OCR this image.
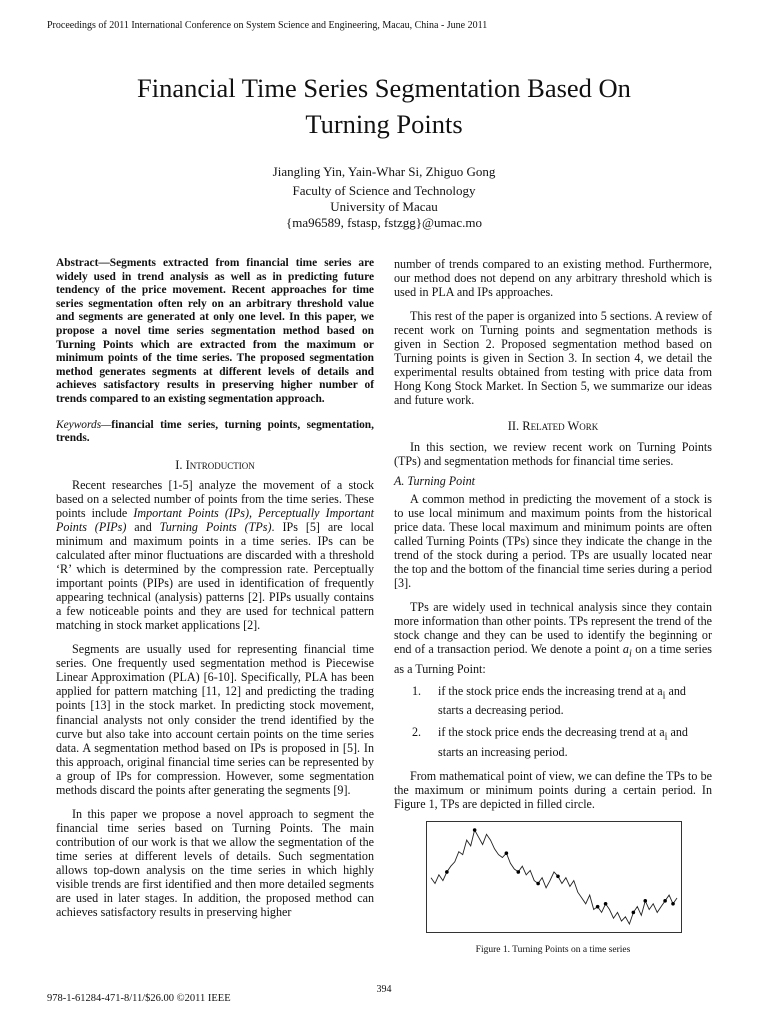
Proceedings of 2011 International Conference on System Science and Engineering, Macau, China - June 2011
Financial Time Series Segmentation Based On
Turning Points
Jiangling Yin, Yain-Whar Si, Zhiguo Gong
Faculty of Science and Technology
University of Macau
{ma96589, fstasp, fstzgg}@umac.mo
Abstract—Segments extracted from financial time series are widely used in trend analysis as well as in predicting future tendency of the price movement. Recent approaches for time series segmentation often rely on an arbitrary threshold value and segments are generated at only one level. In this paper, we propose a novel time series segmentation method based on Turning Points which are extracted from the maximum or minimum points of the time series. The proposed segmentation method generates segments at different levels of details and achieves satisfactory results in preserving higher number of trends compared to an existing segmentation approach.
Keywords—financial time series, turning points, segmentation, trends.
I. Introduction

Recent researches [1-5] analyze the movement of a stock based on a selected number of points from the time series. These points include Important Points (IPs), Perceptually Important Points (PIPs) and Turning Points (TPs). IPs [5] are local minimum and maximum points in a time series. IPs can be calculated after minor fluctuations are discarded with a threshold ‘R’ which is determined by the compression rate. Perceptually important points (PIPs) are used in identification of frequently appearing technical (analysis) patterns [2]. PIPs usually contains a few noticeable points and they are used for technical pattern matching in stock market applications [2].

Segments are usually used for representing financial time series. One frequently used segmentation method is Piecewise Linear Approximation (PLA) [6-10]. Specifically, PLA has been applied for pattern matching [11, 12] and predicting the trading points [13] in the stock market. In predicting stock movement, financial analysts not only consider the trend identified by the curve but also take into account certain points on the time series data. A segmentation method based on IPs is proposed in [5]. In this approach, original financial time series can be represented by a group of IPs for compression. However, some segmentation methods discard the points after generating the segments [9].

In this paper we propose a novel approach to segment the financial time series based on Turning Points. The main contribution of our work is that we allow the segmentation of the time series at different levels of details. Such segmentation allows top-down analysis on the time series in which highly visible trends are first identified and then more detailed segments are used in later stages. In addition, the proposed method can achieves satisfactory results in preserving higher

number of trends compared to an existing method. Furthermore, our method does not depend on any arbitrary threshold which is used in PLA and IPs approaches.

This rest of the paper is organized into 5 sections. A review of recent work on Turning points and segmentation methods is given in Section 2. Proposed segmentation method based on Turning points is given in Section 3. In section 4, we detail the experimental results obtained from testing with price data from Hong Kong Stock Market. In Section 5, we summarize our ideas and future work.

II. Related Work

In this section, we review recent work on Turning Points (TPs) and segmentation methods for financial time series.

A. Turning Point

A common method in predicting the movement of a stock is to use local minimum and maximum points from the historical price data. These local maximum and minimum points are often called Turning Points (TPs) since they indicate the change in the trend of the stock during a period. TPs are usually located near the top and the bottom of the financial time series during a period [3].

TPs are widely used in technical analysis since they contain more information than other points. TPs represent the trend of the stock change and they can be used to identify the beginning or end of a transaction period. We denote a point $a_i$ on a time series as a Turning Point:

1.	if the stock price ends the increasing trend at $a_i$ and starts a decreasing period.
2.	if the stock price ends the decreasing trend at $a_i$ and starts an increasing period.

From mathematical point of view, we can define the TPs to be the maximum or minimum points during a certain period. In Figure 1, TPs are depicted in filled circle.

Figure 1. Turning Points on a time series
394
978-1-61284-471-8/11/$26.00 ©2011 IEEE
